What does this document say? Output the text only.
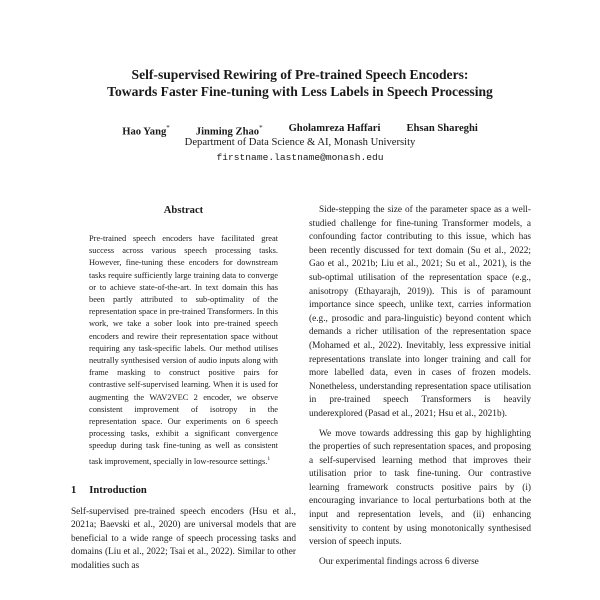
Self-supervised Rewiring of Pre-trained Speech Encoders:
Towards Faster Fine-tuning with Less Labels in Speech Processing
Hao Yang* Jinming Zhao* Gholamreza Haffari Ehsan Shareghi
Department of Data Science & AI, Monash University
firstname.lastname@monash.edu
Abstract

Pre-trained speech encoders have facilitated great success across various speech processing tasks. However, fine-tuning these encoders for downstream tasks require sufficiently large training data to converge or to achieve state-of-the-art. In text domain this has been partly attributed to sub-optimality of the representation space in pre-trained Transformers. In this work, we take a sober look into pre-trained speech encoders and rewire their representation space without requiring any task-specific labels. Our method utilises neutrally synthesised version of audio inputs along with frame masking to construct positive pairs for contrastive self-supervised learning. When it is used for augmenting the WAV2VEC 2 encoder, we observe consistent improvement of isotropy in the representation space. Our experiments on 6 speech processing tasks, exhibit a significant convergence speedup during task fine-tuning as well as consistent task improvement, specially in low-resource settings.$^1$

1 Introduction

Self-supervised pre-trained speech encoders (Hsu et al., 2021a; Baevski et al., 2020) are universal models that are beneficial to a wide range of speech processing tasks and domains (Liu et al., 2022; Tsai et al., 2022). Similar to other modalities such as

Side-stepping the size of the parameter space as a well-studied challenge for fine-tuning Transformer models, a confounding factor contributing to this issue, which has been recently discussed for text domain (Su et al., 2022; Gao et al., 2021b; Liu et al., 2021; Su et al., 2021), is the sub-optimal utilisation of the representation space (e.g., anisotropy (Ethayarajh, 2019)). This is of paramount importance since speech, unlike text, carries information (e.g., prosodic and para-linguistic) beyond content which demands a richer utilisation of the representation space (Mohamed et al., 2022). Inevitably, less expressive initial representations translate into longer training and call for more labelled data, even in cases of frozen models. Nonetheless, understanding representation space utilisation in pre-trained speech Transformers is heavily underexplored (Pasad et al., 2021; Hsu et al., 2021b).

We move towards addressing this gap by highlighting the properties of such representation spaces, and proposing a self-supervised learning method that improves their utilisation prior to task fine-tuning. Our contrastive learning framework constructs positive pairs by (i) encouraging invariance to local perturbations both at the input and representation levels, and (ii) enhancing sensitivity to content by using monotonically synthesised version of speech inputs.

Our experimental findings across 6 diverse
